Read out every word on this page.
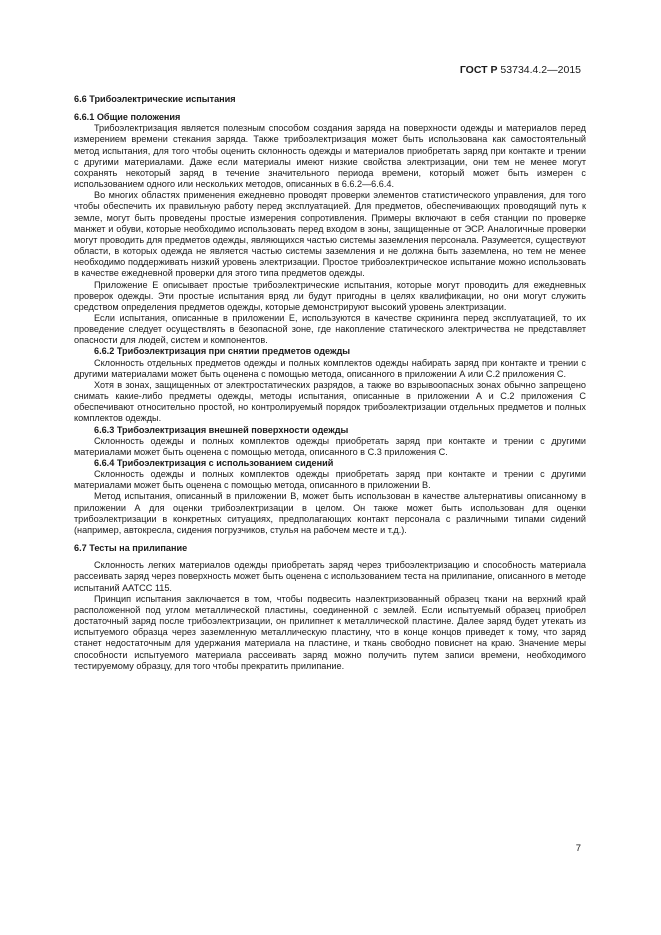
ГОСТ Р 53734.4.2—2015
6.6 Трибоэлектрические испытания
6.6.1 Общие положения

Трибоэлектризация является полезным способом создания заряда на поверхности одежды и материалов перед измерением времени стекания заряда. Также трибоэлектризация может быть использована как самостоятельный метод испытания, для того чтобы оценить склонность одежды и материалов приобретать заряд при контакте и трении с другими материалами. Даже если материалы имеют низкие свойства электризации, они тем не менее могут сохранять некоторый заряд в течение значительного периода времени, который может быть измерен с использованием одного или нескольких методов, описанных в 6.6.2—6.6.4.

Во многих областях применения ежедневно проводят проверки элементов статистического управления, для того чтобы обеспечить их правильную работу перед эксплуатацией. Для предметов, обеспечивающих проводящий путь к земле, могут быть проведены простые измерения сопротивления. Примеры включают в себя станции по проверке манжет и обуви, которые необходимо использовать перед входом в зоны, защищенные от ЭСР. Аналогичные проверки могут проводить для предметов одежды, являющихся частью системы заземления персонала. Разумеется, существуют области, в которых одежда не является частью системы заземления и не должна быть заземлена, но тем не менее необходимо поддерживать низкий уровень электризации. Простое трибоэлектрическое испытание можно использовать в качестве ежедневной проверки для этого типа предметов одежды.

Приложение Е описывает простые трибоэлектрические испытания, которые могут проводить для ежедневных проверок одежды. Эти простые испытания вряд ли будут пригодны в целях квалификации, но они могут служить средством определения предметов одежды, которые демонстрируют высокий уровень электризации.

Если испытания, описанные в приложении Е, используются в качестве скрининга перед эксплуатацией, то их проведение следует осуществлять в безопасной зоне, где накопление статического электричества не представляет опасности для людей, систем и компонентов.

6.6.2 Трибоэлектризация при снятии предметов одежды

Склонность отдельных предметов одежды и полных комплектов одежды набирать заряд при контакте и трении с другими материалами может быть оценена с помощью метода, описанного в приложении А или С.2 приложения С.

Хотя в зонах, защищенных от электростатических разрядов, а также во взрывоопасных зонах обычно запрещено снимать какие-либо предметы одежды, методы испытания, описанные в приложении А и С.2 приложения С обеспечивают относительно простой, но контролируемый порядок трибоэлектризации отдельных предметов и полных комплектов одежды.

6.6.3 Трибоэлектризация внешней поверхности одежды

Склонность одежды и полных комплектов одежды приобретать заряд при контакте и трении с другими материалами может быть оценена с помощью метода, описанного в С.3 приложения С.

6.6.4 Трибоэлектризация с использованием сидений

Склонность одежды и полных комплектов одежды приобретать заряд при контакте и трении с другими материалами может быть оценена с помощью метода, описанного в приложении В.

Метод испытания, описанный в приложении В, может быть использован в качестве альтернативы описанному в приложении А для оценки трибоэлектризации в целом. Он также может быть использован для оценки трибоэлектризации в конкретных ситуациях, предполагающих контакт персонала с различными типами сидений (например, автокресла, сидения погрузчиков, стулья на рабочем месте и т.д.).

6.7 Тесты на прилипание

Склонность легких материалов одежды приобретать заряд через трибоэлектризацию и способность материала рассеивать заряд через поверхность может быть оценена с использованием теста на прилипание, описанного в методе испытаний AATCC 115.

Принцип испытания заключается в том, чтобы подвесить наэлектризованный образец ткани на верхний край расположенной под углом металлической пластины, соединенной с землей. Если испытуемый образец приобрел достаточный заряд после трибоэлектризации, он прилипнет к металлической пластине. Далее заряд будет утекать из испытуемого образца через заземленную металлическую пластину, что в конце концов приведет к тому, что заряд станет недостаточным для удержания материала на пластине, и ткань свободно повиснет на краю. Значение меры способности испытуемого материала рассеивать заряд можно получить путем записи времени, необходимого тестируемому образцу, для того чтобы прекратить прилипание.

7
